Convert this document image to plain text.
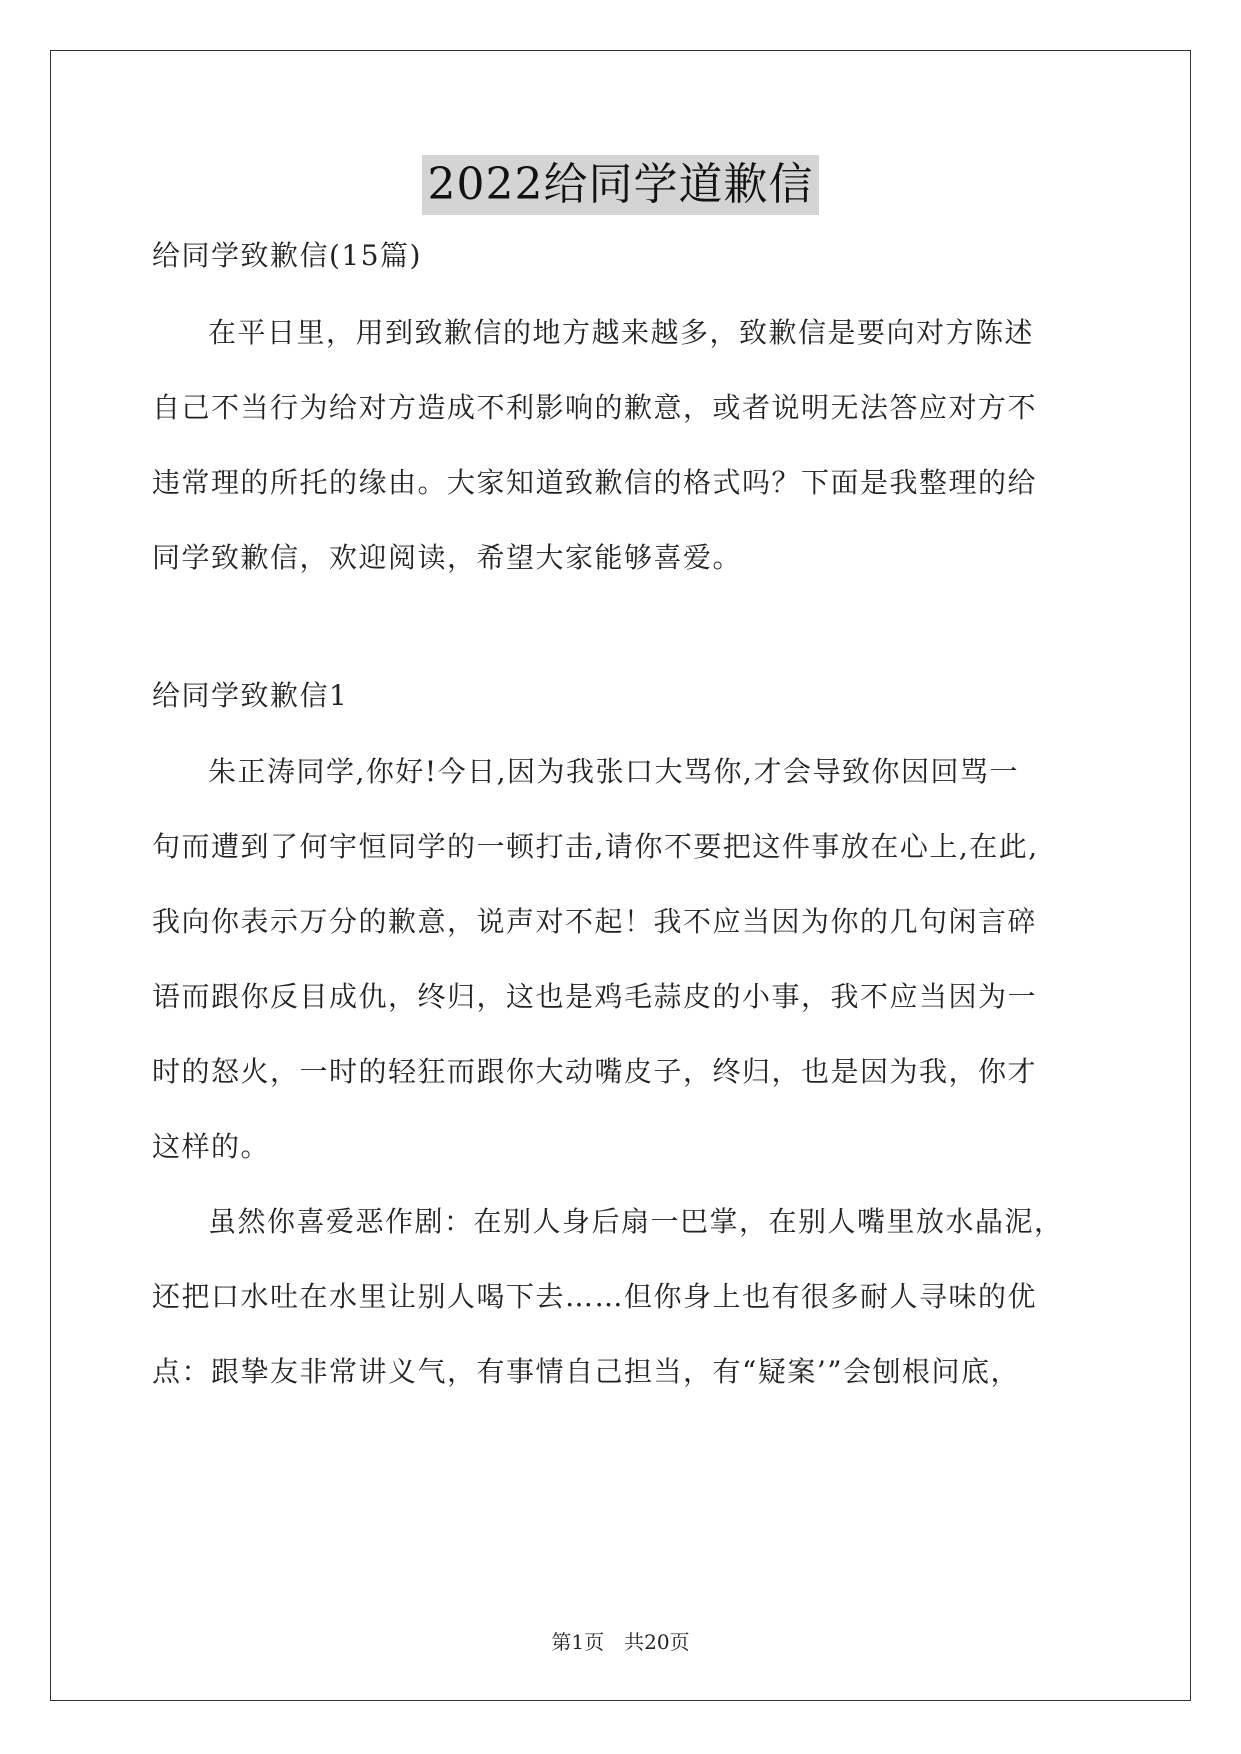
2022给同学道歉信
给同学致歉信(15篇)
在平日里，用到致歉信的地方越来越多，致歉信是要向对方陈述
自己不当行为给对方造成不利影响的歉意，或者说明无法答应对方不
违常理的所托的缘由。大家知道致歉信的格式吗？下面是我整理的给
同学致歉信，欢迎阅读，希望大家能够喜爱。
给同学致歉信1
朱正涛同学,你好!今日,因为我张口大骂你,才会导致你因回骂一
句而遭到了何宇恒同学的一顿打击,请你不要把这件事放在心上,在此,
我向你表示万分的歉意，说声对不起！我不应当因为你的几句闲言碎
语而跟你反目成仇，终归，这也是鸡毛蒜皮的小事，我不应当因为一
时的怒火，一时的轻狂而跟你大动嘴皮子，终归，也是因为我，你才
这样的。
虽然你喜爱恶作剧：在别人身后扇一巴掌，在别人嘴里放水晶泥，
还把口水吐在水里让别人喝下去……但你身上也有很多耐人寻味的优
点：跟挚友非常讲义气，有事情自己担当，有“疑案’”会刨根问底，
第1页　共20页
